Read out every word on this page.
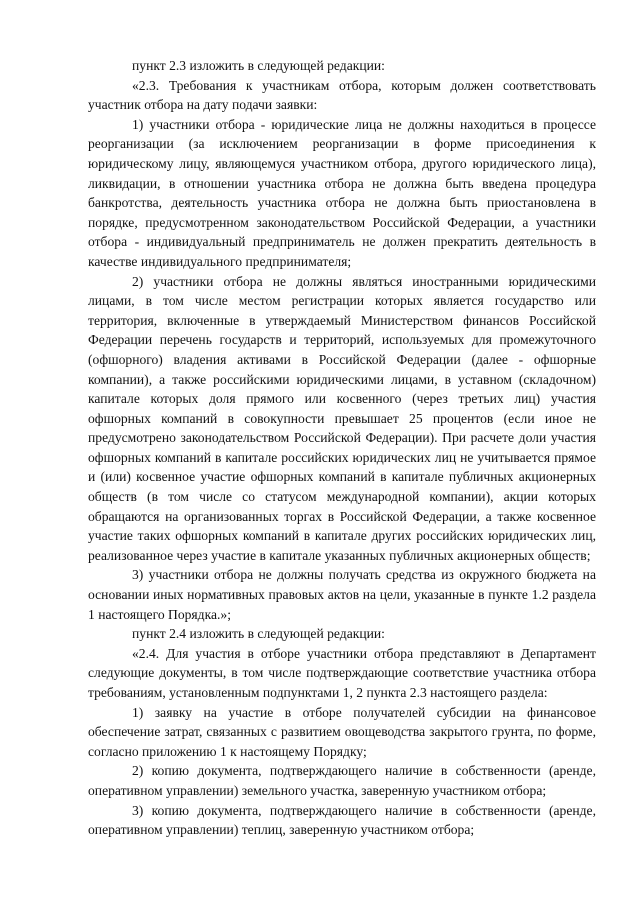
пункт 2.3 изложить в следующей редакции:

«2.3. Требования к участникам отбора, которым должен соответствовать участник отбора на дату подачи заявки:

1) участники отбора - юридические лица не должны находиться в процессе реорганизации (за исключением реорганизации в форме присоединения к юридическому лицу, являющемуся участником отбора, другого юридического лица), ликвидации, в отношении участника отбора не должна быть введена процедура банкротства, деятельность участника отбора не должна быть приостановлена в порядке, предусмотренном законодательством Российской Федерации, а участники отбора - индивидуальный предприниматель не должен прекратить деятельность в качестве индивидуального предпринимателя;

2) участники отбора не должны являться иностранными юридическими лицами, в том числе местом регистрации которых является государство или территория, включенные в утверждаемый Министерством финансов Российской Федерации перечень государств и территорий, используемых для промежуточного (офшорного) владения активами в Российской Федерации (далее - офшорные компании), а также российскими юридическими лицами, в уставном (складочном) капитале которых доля прямого или косвенного (через третьих лиц) участия офшорных компаний в совокупности превышает 25 процентов (если иное не предусмотрено законодательством Российской Федерации). При расчете доли участия офшорных компаний в капитале российских юридических лиц не учитывается прямое и (или) косвенное участие офшорных компаний в капитале публичных акционерных обществ (в том числе со статусом международной компании), акции которых обращаются на организованных торгах в Российской Федерации, а также косвенное участие таких офшорных компаний в капитале других российских юридических лиц, реализованное через участие в капитале указанных публичных акционерных обществ;

3) участники отбора не должны получать средства из окружного бюджета на основании иных нормативных правовых актов на цели, указанные в пункте 1.2 раздела 1 настоящего Порядка.»;

пункт 2.4 изложить в следующей редакции:

«2.4. Для участия в отборе участники отбора представляют в Департамент следующие документы, в том числе подтверждающие соответствие участника отбора требованиям, установленным подпунктами 1, 2 пункта 2.3 настоящего раздела:

1) заявку на участие в отборе получателей субсидии на финансовое обеспечение затрат, связанных с развитием овощеводства закрытого грунта, по форме, согласно приложению 1 к настоящему Порядку;

2) копию документа, подтверждающего наличие в собственности (аренде, оперативном управлении) земельного участка, заверенную участником отбора;

3) копию документа, подтверждающего наличие в собственности (аренде, оперативном управлении) теплиц, заверенную участником отбора;
